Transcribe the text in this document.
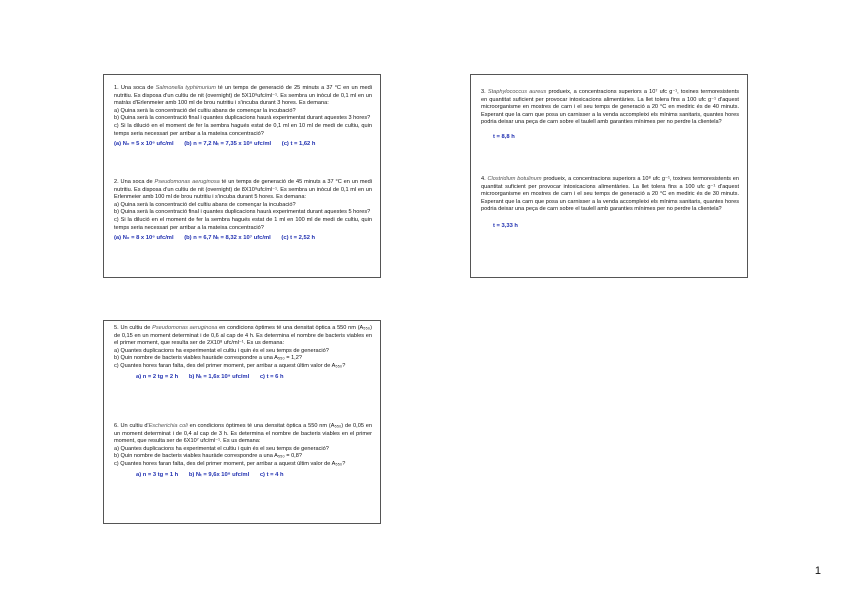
1. Una soca de Salmonella typhimurium té un temps de generació de 25 minuts a 37 °C en un medi nutritiu. Es disposa d'un cultiu de nit (overnight) de 5X10⁹ufc/ml⁻¹. Es sembra un inòcul de 0,1 ml en un matràs d'Erlenmeier amb 100 ml de brou nutritiu i s'incuba durant 3 hores. Es demana:
a) Quina serà la concentració del cultiu abans de començar la incubació?
b) Quina serà la concentració final i quantes duplicacions haurà experimentat durant aquestes 3 hores?
c) Si la dilució en el moment de fer la sembra hagués estat de 0,1 ml en 10 ml de medi de cultiu, quin temps seria necessari per arribar a la mateixa concentració?
(a) N₀ = 5 x 10⁶ ufc/ml (b) n = 7,2 Nₜ = 7,35 x 10⁸ ufc/ml (c) t = 1,62 h
2. Una soca de Pseudomonas aeruginosa té un temps de generació de 45 minuts a 37 °C en un medi nutritiu. Es disposa d'un cultiu de nit (overnight) de 8X10⁹ufc/ml⁻¹. Es sembra un inòcul de 0,1 ml en un Erlenmeier amb 100 ml de brou nutritiu i s'incuba durant 5 hores. Es demana:
a) Quina serà la concentració del cultiu abans de començar la incubació?
b) Quina serà la concentració final i quantes duplicacions haurà experimentat durant aquestes 5 hores?
c) Si la dilució en el moment de fer la sembra hagués estat de 1 ml en 100 ml de medi de cultiu, quin temps seria necessari per arribar a la mateixa concentració?
(a) N₀ = 8 x 10⁶ ufc/ml (b) n = 6,7 Nₜ = 8,32 x 10⁷ ufc/ml (c) t = 2,52 h
3. Staphylococcus aureus produeix, a concentracions superiors a 10⁷ ufc g⁻¹, toxines termoresistents en quantitat suficient per provocar intoxicacions alimentàries. La llet tolera fins a 100 ufc g⁻¹ d'aquest microorganisme en mostres de carn i el seu temps de generació a 20 °C en mediric és de 40 minuts. Esperant que la carn que posa un carnisser a la venda accompleixi els mínims sanitaris, quantes hores podria deixar una peça de carn sobre el taulell amb garanties mínimes per no perdre la clientela?
t = 8,8 h
4. Clostridium botulinum produeix, a concentracions superiors a 10⁸ ufc g⁻¹, toxines termoresistents en quantitat suficient per provocar intoxicacions alimentàries. La llet tolera fins a 100 ufc g⁻¹ d'aquest microorganisme en mostres de carn i el seu temps de generació a 20 °C en mediric és de 30 minuts. Esperant que la carn que posa un carnisser a la venda accompleixi els mínims sanitaris, quantes hores podria deixar una peça de carn sobre el taulell amb garanties mínimes per no perdre la clientela?
t = 3,33 h
5. Un cultiu de Pseudomonas aeruginosa en condicions òptimes té una densitat òptica a 550 nm (A₅₅₀) de 0,15 en un moment determinat i de 0,6 al cap de 4 h. Es determina el nombre de bacteris viables en el primer moment, que resulta ser de 2X10⁸ ufc/ml⁻¹. Es us demana:
a) Quantes duplicacions ha experimentat el cultiu i quin és el seu temps de generació?
b) Quin nombre de bacteris viables hauràde correspondre a una A₅₅₀ = 1,2?
c) Quantes hores faran falta, des del primer moment, per arribar a aquest últim valor de A₅₅₀?
a) n = 2 tg = 2 h b) Nₜ = 1,6x 10⁹ ufc/ml c) t = 6 h
6. Un cultiu d'Escherichia coli en condicions òptimes té una densitat òptica a 550 nm (A₅₅₀) de 0,05 en un moment determinat i de 0,4 al cap de 3 h. Es determina el nombre de bacteris viables en el primer moment, que resulta ser de 6X10⁷ ufc/ml⁻¹. Es us demana:
a) Quantes duplicacions ha experimentat el cultiu i quin és el seu temps de generació?
b) Quin nombre de bacteris viables hauràde correspondre a una A₅₅₀ = 0,8?
c) Quantes hores faran falta, des del primer moment, per arribar a aquest últim valor de A₅₅₀?
a) n = 3 tg = 1 h b) Nₜ = 9,6x 10⁸ ufc/ml c) t = 4 h
1
